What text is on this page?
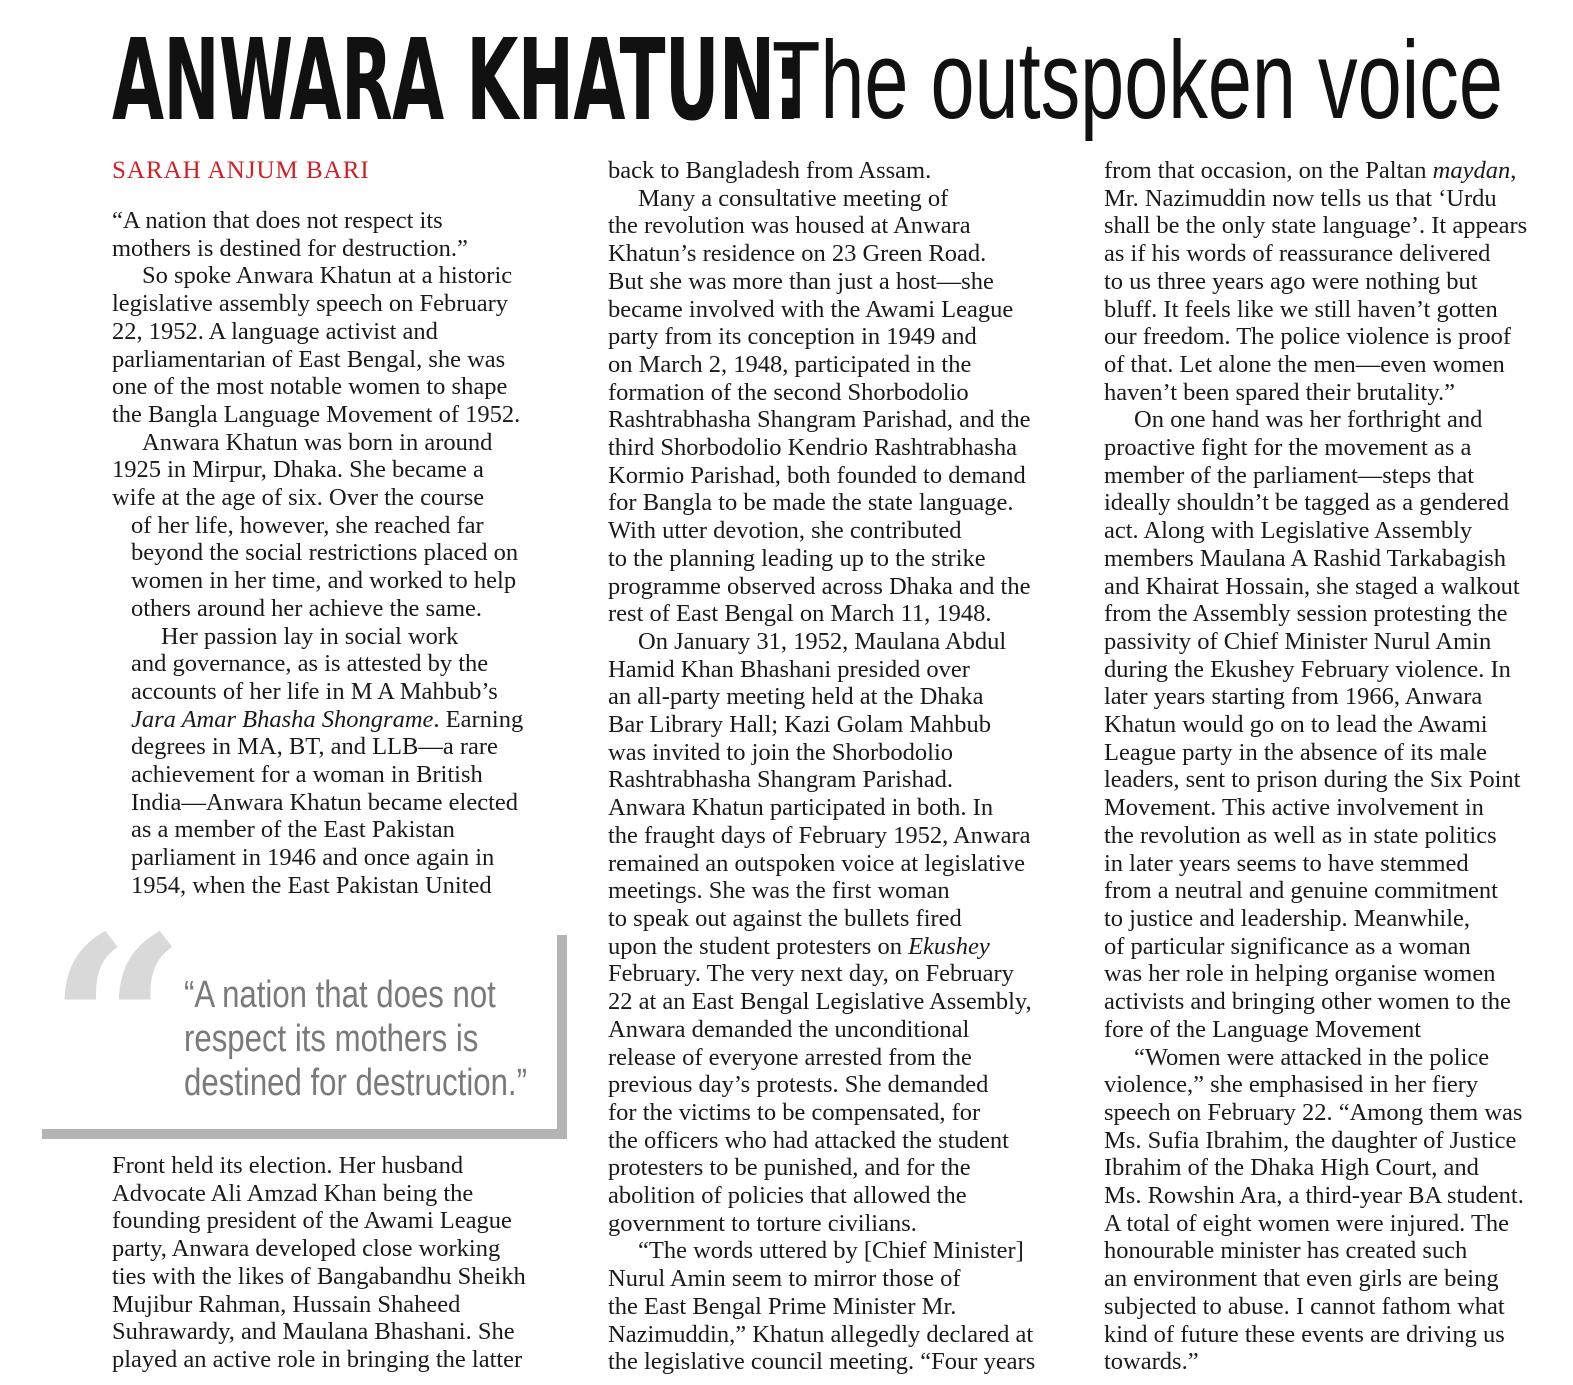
ANWARA KHATUN:
The outspoken voice
SARAH ANJUM BARI

“A nation that does not respect its

mothers is destined for destruction.”

So spoke Anwara Khatun at a historic

legislative assembly speech on February

22, 1952. A language activist and

parliamentarian of East Bengal, she was

one of the most notable women to shape

the Bangla Language Movement of 1952.

Anwara Khatun was born in around

1925 in Mirpur, Dhaka. She became a

wife at the age of six. Over the course

of her life, however, she reached far

beyond the social restrictions placed on

women in her time, and worked to help

others around her achieve the same.

Her passion lay in social work

and governance, as is attested by the

accounts of her life in M A Mahbub’s

Jara Amar Bhasha Shongrame. Earning

degrees in MA, BT, and LLB—a rare

achievement for a woman in British

India—Anwara Khatun became elected

as a member of the East Pakistan

parliament in 1946 and once again in

1954, when the East Pakistan United

“
“A nation that does not
respect its mothers is
destined for destruction.”

Front held its election. Her husband

Advocate Ali Amzad Khan being the

founding president of the Awami League

party, Anwara developed close working

ties with the likes of Bangabandhu Sheikh

Mujibur Rahman, Hussain Shaheed

Suhrawardy, and Maulana Bhashani. She

played an active role in bringing the latter

back to Bangladesh from Assam.

Many a consultative meeting of

the revolution was housed at Anwara

Khatun’s residence on 23 Green Road.

But she was more than just a host—she

became involved with the Awami League

party from its conception in 1949 and

on March 2, 1948, participated in the

formation of the second Shorbodolio

Rashtrabhasha Shangram Parishad, and the

third Shorbodolio Kendrio Rashtrabhasha

Kormio Parishad, both founded to demand

for Bangla to be made the state language.

With utter devotion, she contributed

to the planning leading up to the strike

programme observed across Dhaka and the

rest of East Bengal on March 11, 1948.

On January 31, 1952, Maulana Abdul

Hamid Khan Bhashani presided over

an all-party meeting held at the Dhaka

Bar Library Hall; Kazi Golam Mahbub

was invited to join the Shorbodolio

Rashtrabhasha Shangram Parishad.

Anwara Khatun participated in both. In

the fraught days of February 1952, Anwara

remained an outspoken voice at legislative

meetings. She was the first woman

to speak out against the bullets fired

upon the student protesters on Ekushey

February. The very next day, on February

22 at an East Bengal Legislative Assembly,

Anwara demanded the unconditional

release of everyone arrested from the

previous day’s protests. She demanded

for the victims to be compensated, for

the officers who had attacked the student

protesters to be punished, and for the

abolition of policies that allowed the

government to torture civilians.

“The words uttered by [Chief Minister]

Nurul Amin seem to mirror those of

the East Bengal Prime Minister Mr.

Nazimuddin,” Khatun allegedly declared at

the legislative council meeting. “Four years

from that occasion, on the Paltan maydan,

Mr. Nazimuddin now tells us that ‘Urdu

shall be the only state language’. It appears

as if his words of reassurance delivered

to us three years ago were nothing but

bluff. It feels like we still haven’t gotten

our freedom. The police violence is proof

of that. Let alone the men—even women

haven’t been spared their brutality.”

On one hand was her forthright and

proactive fight for the movement as a

member of the parliament—steps that

ideally shouldn’t be tagged as a gendered

act. Along with Legislative Assembly

members Maulana A Rashid Tarkabagish

and Khairat Hossain, she staged a walkout

from the Assembly session protesting the

passivity of Chief Minister Nurul Amin

during the Ekushey February violence. In

later years starting from 1966, Anwara

Khatun would go on to lead the Awami

League party in the absence of its male

leaders, sent to prison during the Six Point

Movement. This active involvement in

the revolution as well as in state politics

in later years seems to have stemmed

from a neutral and genuine commitment

to justice and leadership. Meanwhile,

of particular significance as a woman

was her role in helping organise women

activists and bringing other women to the

fore of the Language Movement

“Women were attacked in the police

violence,” she emphasised in her fiery

speech on February 22. “Among them was

Ms. Sufia Ibrahim, the daughter of Justice

Ibrahim of the Dhaka High Court, and

Ms. Rowshin Ara, a third-year BA student.

A total of eight women were injured. The

honourable minister has created such

an environment that even girls are being

subjected to abuse. I cannot fathom what

kind of future these events are driving us

towards.”
